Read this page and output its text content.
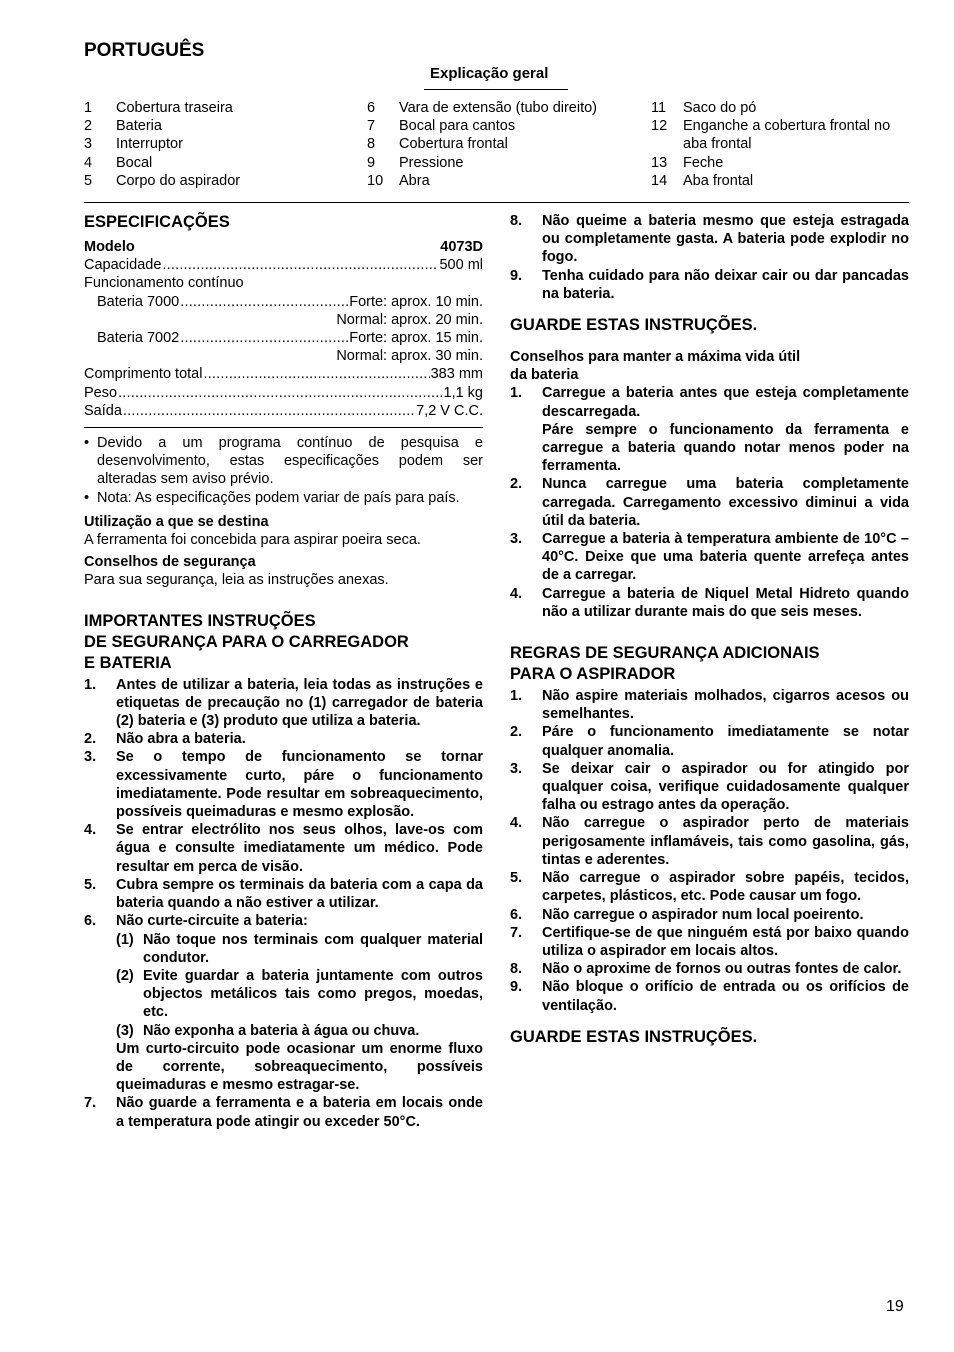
PORTUGUÊS
Explicação geral
1	Cobertura traseira
2	Bateria
3	Interruptor
4	Bocal
5	Corpo do aspirador
6	Vara de extensão (tubo direito)
7	Bocal para cantos
8	Cobertura frontal
9	Pressione
10	Abra
11	Saco do pó
12	Enganche a cobertura frontal no aba frontal
13	Feche
14	Aba frontal
ESPECIFICAÇÕES
Modelo	4073D
Capacidade .....	500 ml
Funcionamento contínuo
Bateria 7000 .....	Forte: aprox. 10 min.
Normal: aprox. 20 min.
Bateria 7002 .....	Forte: aprox. 15 min.
Normal: aprox. 30 min.
Comprimento total .....	383 mm
Peso .....	1,1 kg
Saída .....	7,2 V C.C.
• Devido a um programa contínuo de pesquisa e desenvolvimento, estas especificações podem ser alteradas sem aviso prévio.
• Nota: As especificações podem variar de país para país.
Utilização a que se destina
A ferramenta foi concebida para aspirar poeira seca.
Conselhos de segurança
Para sua segurança, leia as instruções anexas.
IMPORTANTES INSTRUÇÕES
DE SEGURANÇA PARA O CARREGADOR
E BATERIA
1.	Antes de utilizar a bateria, leia todas as instruções e etiquetas de precaução no (1) carregador de bateria (2) bateria e (3) produto que utiliza a bateria.
2.	Não abra a bateria.
3.	Se o tempo de funcionamento se tornar excessivamente curto, páre o funcionamento imediatamente. Pode resultar em sobreaquecimento, possíveis queimaduras e mesmo explosão.
4.	Se entrar electrólito nos seus olhos, lave-os com água e consulte imediatamente um médico. Pode resultar em perca de visão.
5.	Cubra sempre os terminais da bateria com a capa da bateria quando a não estiver a utilizar.
6.	Não curte-circuite a bateria:
(1) Não toque nos terminais com qualquer material condutor.
(2) Evite guardar a bateria juntamente com outros objectos metálicos tais como pregos, moedas, etc.
(3) Não exponha a bateria à água ou chuva.
Um curto-circuito pode ocasionar um enorme fluxo de corrente, sobreaquecimento, possíveis queimaduras e mesmo estragar-se.
7.	Não guarde a ferramenta e a bateria em locais onde a temperatura pode atingir ou exceder 50°C.
8.	Não queime a bateria mesmo que esteja estragada ou completamente gasta. A bateria pode explodir no fogo.
9.	Tenha cuidado para não deixar cair ou dar pancadas na bateria.
GUARDE ESTAS INSTRUÇÕES.
Conselhos para manter a máxima vida útil
da bateria
1.	Carregue a bateria antes que esteja completamente descarregada.
Páre sempre o funcionamento da ferramenta e carregue a bateria quando notar menos poder na ferramenta.
2.	Nunca carregue uma bateria completamente carregada. Carregamento excessivo diminui a vida útil da bateria.
3.	Carregue a bateria à temperatura ambiente de 10°C – 40°C. Deixe que uma bateria quente arrefeça antes de a carregar.
4.	Carregue a bateria de Niquel Metal Hidreto quando não a utilizar durante mais do que seis meses.
REGRAS DE SEGURANÇA ADICIONAIS
PARA O ASPIRADOR
1.	Não aspire materiais molhados, cigarros acesos ou semelhantes.
2.	Páre o funcionamento imediatamente se notar qualquer anomalia.
3.	Se deixar cair o aspirador ou for atingido por qualquer coisa, verifique cuidadosamente qualquer falha ou estrago antes da operação.
4.	Não carregue o aspirador perto de materiais perigosamente inflamáveis, tais como gasolina, gás, tintas e aderentes.
5.	Não carregue o aspirador sobre papéis, tecidos, carpetes, plásticos, etc. Pode causar um fogo.
6.	Não carregue o aspirador num local poeirento.
7.	Certifique-se de que ninguém está por baixo quando utiliza o aspirador em locais altos.
8.	Não o aproxime de fornos ou outras fontes de calor.
9.	Não bloque o orifício de entrada ou os orifícios de ventilação.
GUARDE ESTAS INSTRUÇÕES.
19
